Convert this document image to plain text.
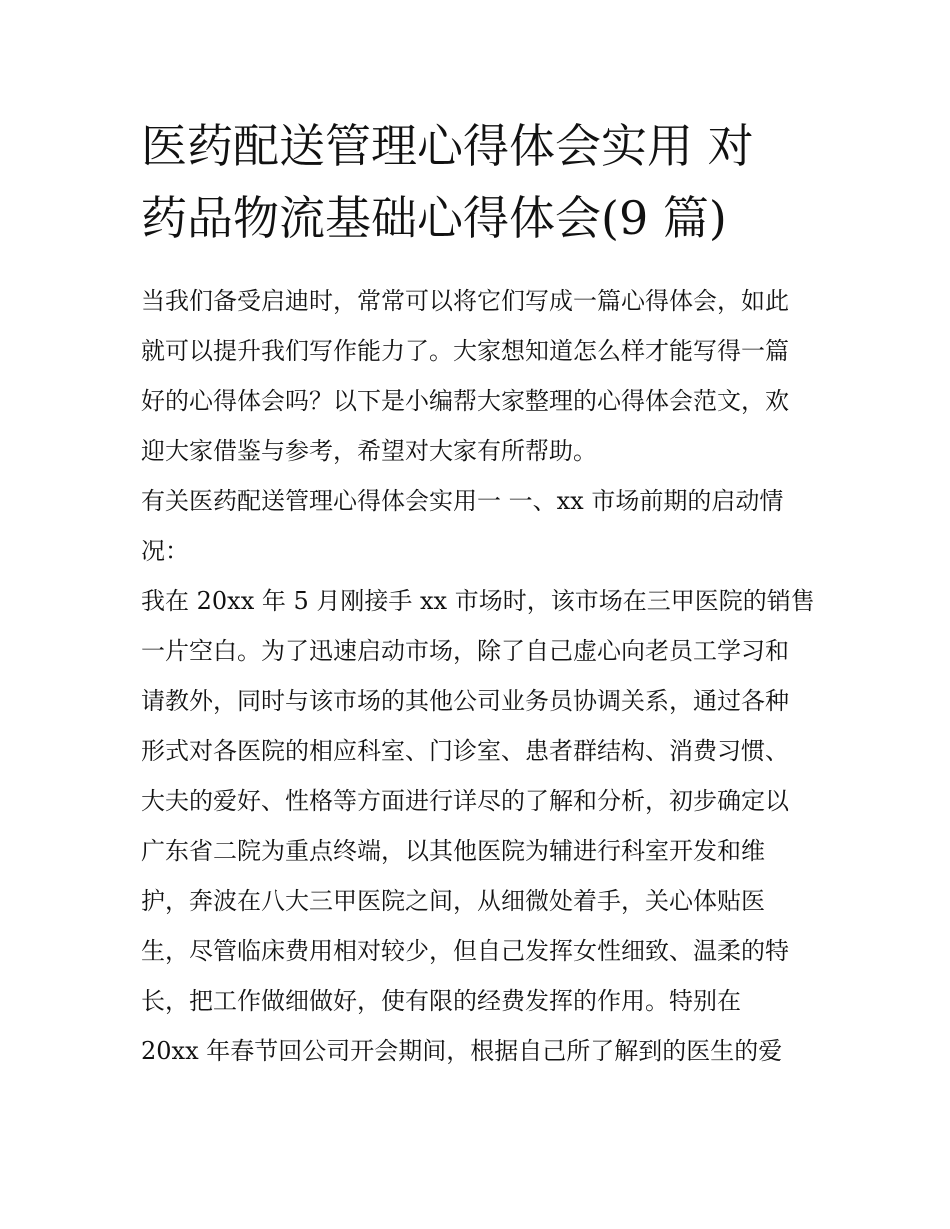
医药配送管理心得体会实用 对
药品物流基础心得体会(9 篇)

当我们备受启迪时，常常可以将它们写成一篇心得体会，如此
就可以提升我们写作能力了。大家想知道怎么样才能写得一篇
好的心得体会吗？以下是小编帮大家整理的心得体会范文，欢
迎大家借鉴与参考，希望对大家有所帮助。

有关医药配送管理心得体会实用一 一、xx 市场前期的启动情
况：

我在 20xx 年 5 月刚接手 xx 市场时，该市场在三甲医院的销售
一片空白。为了迅速启动市场，除了自己虚心向老员工学习和
请教外，同时与该市场的其他公司业务员协调关系，通过各种
形式对各医院的相应科室、门诊室、患者群结构、消费习惯、
大夫的爱好、性格等方面进行详尽的了解和分析，初步确定以
广东省二院为重点终端，以其他医院为辅进行科室开发和维
护，奔波在八大三甲医院之间，从细微处着手，关心体贴医
生，尽管临床费用相对较少，但自己发挥女性细致、温柔的特
长，把工作做细做好，使有限的经费发挥的作用。特别在
20xx 年春节回公司开会期间，根据自己所了解到的医生的爱
